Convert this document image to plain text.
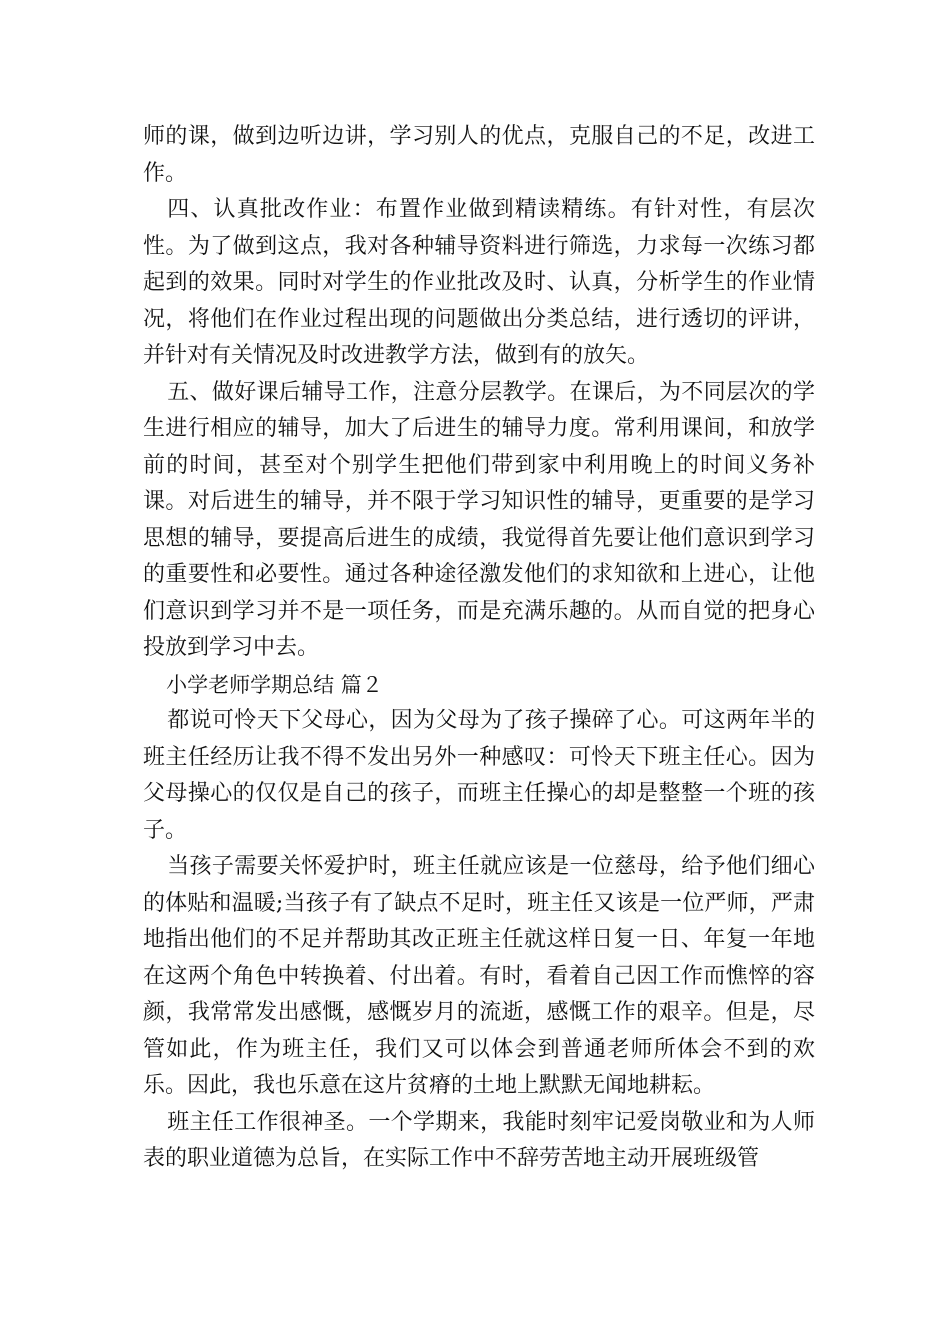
师的课，做到边听边讲，学习别人的优点，克服自己的不足，改进工作。

四、认真批改作业：布置作业做到精读精练。有针对性，有层次性。为了做到这点，我对各种辅导资料进行筛选，力求每一次练习都起到的效果。同时对学生的作业批改及时、认真，分析学生的作业情况，将他们在作业过程出现的问题做出分类总结，进行透切的评讲，并针对有关情况及时改进教学方法，做到有的放矢。

五、做好课后辅导工作，注意分层教学。在课后，为不同层次的学生进行相应的辅导，加大了后进生的辅导力度。常利用课间，和放学前的时间，甚至对个别学生把他们带到家中利用晚上的时间义务补课。对后进生的辅导，并不限于学习知识性的辅导，更重要的是学习思想的辅导，要提高后进生的成绩，我觉得首先要让他们意识到学习的重要性和必要性。通过各种途径激发他们的求知欲和上进心，让他们意识到学习并不是一项任务，而是充满乐趣的。从而自觉的把身心投放到学习中去。

小学老师学期总结 篇２

都说可怜天下父母心，因为父母为了孩子操碎了心。可这两年半的班主任经历让我不得不发出另外一种感叹：可怜天下班主任心。因为父母操心的仅仅是自己的孩子，而班主任操心的却是整整一个班的孩子。

当孩子需要关怀爱护时，班主任就应该是一位慈母，给予他们细心的体贴和温暖;当孩子有了缺点不足时，班主任又该是一位严师，严肃地指出他们的不足并帮助其改正班主任就这样日复一日、年复一年地在这两个角色中转换着、付出着。有时，看着自己因工作而憔悴的容颜，我常常发出感慨，感慨岁月的流逝，感慨工作的艰辛。但是，尽管如此，作为班主任，我们又可以体会到普通老师所体会不到的欢乐。因此，我也乐意在这片贫瘠的土地上默默无闻地耕耘。

班主任工作很神圣。一个学期来，我能时刻牢记爱岗敬业和为人师表的职业道德为总旨，在实际工作中不辞劳苦地主动开展班级管
